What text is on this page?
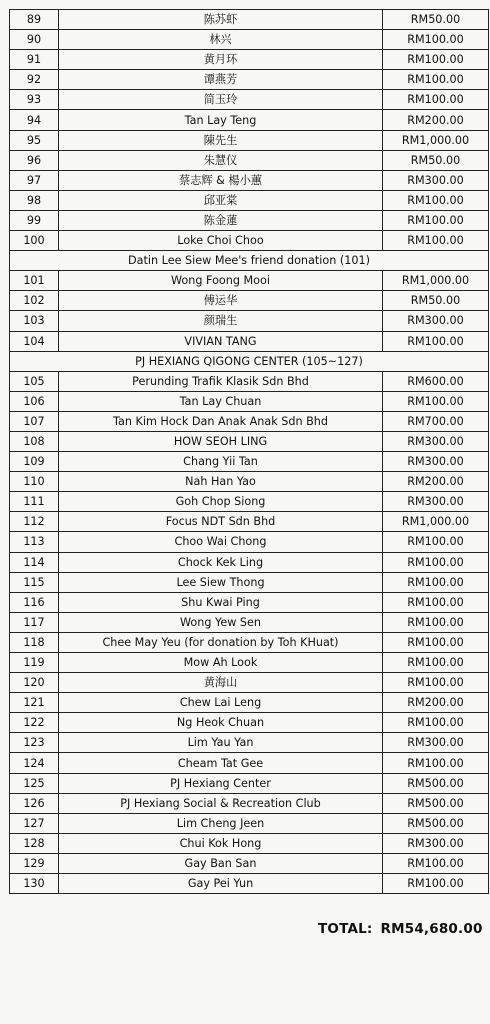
89	陈苏虾	RM50.00
90	林兴	RM100.00
91	黄月环	RM100.00
92	谭燕芳	RM100.00
93	简玉玲	RM100.00
94	Tan Lay Teng	RM200.00
95	陳先生	RM1,000.00
96	朱慧仪	RM50.00
97	蔡志辉 & 楊小蕙	RM300.00
98	邱亚棠	RM100.00
99	陈金蓮	RM100.00
100	Loke Choi Choo	RM100.00
Datin Lee Siew Mee's friend donation (101)		
101	Wong Foong Mooi	RM1,000.00
102	傅运华	RM50.00
103	颜瑞生	RM300.00
104	VIVIAN TANG	RM100.00
PJ HEXIANG QIGONG CENTER (105~127)		
105	Perunding Trafik Klasik Sdn Bhd	RM600.00
106	Tan Lay Chuan	RM100.00
107	Tan Kim Hock Dan Anak Anak Sdn Bhd	RM700.00
108	HOW SEOH LING	RM300.00
109	Chang Yii Tan	RM300.00
110	Nah Han Yao	RM200.00
111	Goh Chop Siong	RM300.00
112	Focus NDT Sdn Bhd	RM1,000.00
113	Choo Wai Chong	RM100.00
114	Chock Kek Ling	RM100.00
115	Lee Siew Thong	RM100.00
116	Shu Kwai Ping	RM100.00
117	Wong Yew Sen	RM100.00
118	Chee May Yeu (for donation by Toh KHuat)	RM100.00
119	Mow Ah Look	RM100.00
120	黄海山	RM100.00
121	Chew Lai Leng	RM200.00
122	Ng Heok Chuan	RM100.00
123	Lim Yau Yan	RM300.00
124	Cheam Tat Gee	RM100.00
125	PJ Hexiang Center	RM500.00
126	PJ Hexiang Social & Recreation Club	RM500.00
127	Lim Cheng Jeen	RM500.00
128	Chui Kok Hong	RM300.00
129	Gay Ban San	RM100.00
130	Gay Pei Yun	RM100.00
TOTAL: RM54,680.00
